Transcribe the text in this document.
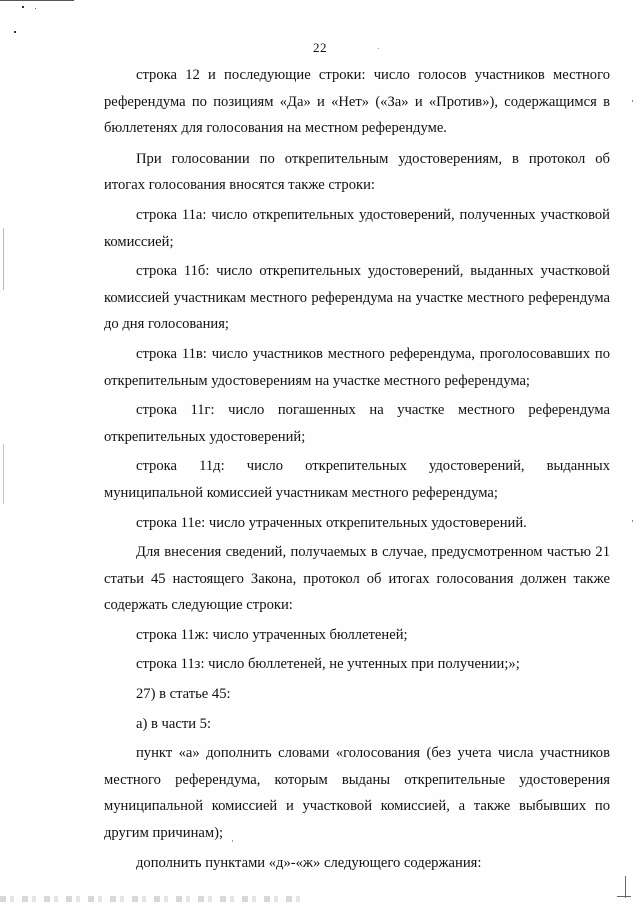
22

строка 12 и последующие строки: число голосов участников местного референдума по позициям «Да» и «Нет» («За» и «Против»), содержащимся в бюллетенях для голосования на местном референдуме.

При голосовании по открепительным удостоверениям, в протокол об итогах голосования вносятся также строки:

строка 11а: число открепительных удостоверений, полученных участковой комиссией;

строка 11б: число открепительных удостоверений, выданных участковой комиссией участникам местного референдума на участке местного референдума до дня голосования;

строка 11в: число участников местного референдума, проголосовавших по открепительным удостоверениям на участке местного референдума;

строка 11г: число погашенных на участке местного референдума открепительных удостоверений;

строка 11д: число открепительных удостоверений, выданных муниципальной комиссией участникам местного референдума;

строка 11е: число утраченных открепительных удостоверений.

Для внесения сведений, получаемых в случае, предусмотренном частью 21 статьи 45 настоящего Закона, протокол об итогах голосования должен также содержать следующие строки:

строка 11ж: число утраченных бюллетеней;

строка 11з: число бюллетеней, не учтенных при получении;»;

27) в статье 45:

а) в части 5:

пункт «а» дополнить словами «голосования (без учета числа участников местного референдума, которым выданы открепительные удостоверения муниципальной комиссией и участковой комиссией, а также выбывших по другим причинам);

дополнить пунктами «д»-«ж» следующего содержания:
